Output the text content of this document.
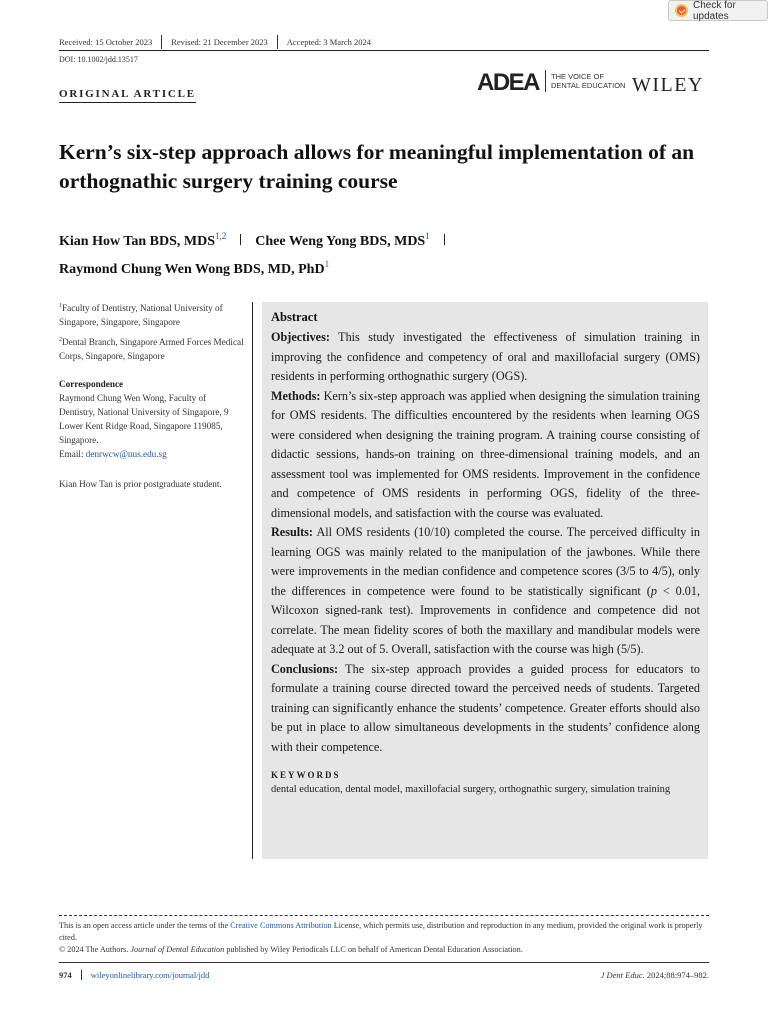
Check for updates
Received: 15 October 2023	Revised: 21 December 2023	Accepted: 3 March 2024
DOI: 10.1002/jdd.13517
ORIGINAL ARTICLE	ADEA THE VOICE OF
DENTAL EDUCATION WILEY
Kern’s six-step approach allows for meaningful implementation of an orthognathic surgery training course
Kian How Tan BDS, MDS$^{1,2}$ Chee Weng Yong BDS, MDS$^1$
Raymond Chung Wen Wong BDS, MD, PhD$^1$

$^1$Faculty of Dentistry, National University of Singapore, Singapore, Singapore

$^2$Dental Branch, Singapore Armed Forces Medical Corps, Singapore, Singapore

Correspondence

Raymond Chung Wen Wong, Faculty of Dentistry, National University of Singapore, 9 Lower Kent Ridge Road, Singapore 119085, Singapore.
Email: denrwcw@nus.edu.sg

Kian How Tan is prior postgraduate student.

Abstract
Objectives: This study investigated the effectiveness of simulation training in improving the confidence and competency of oral and maxillofacial surgery (OMS) residents in performing orthognathic surgery (OGS).
Methods: Kern’s six-step approach was applied when designing the simulation training for OMS residents. The difficulties encountered by the residents when learning OGS were considered when designing the training program. A training course consisting of didactic sessions, hands-on training on three-dimensional training models, and an assessment tool was implemented for OMS residents. Improvement in the confidence and competence of OMS residents in performing OGS, fidelity of the three-dimensional models, and satisfaction with the course was evaluated.
Results: All OMS residents (10/10) completed the course. The perceived difficulty in learning OGS was mainly related to the manipulation of the jawbones. While there were improvements in the median confidence and competence scores (3/5 to 4/5), only the differences in competence were found to be statistically significant (p < 0.01, Wilcoxon signed-rank test). Improvements in confidence and competence did not correlate. The mean fidelity scores of both the maxillary and mandibular models were adequate at 3.2 out of 5. Overall, satisfaction with the course was high (5/5).
Conclusions: The six-step approach provides a guided process for educators to formulate a training course directed toward the perceived needs of students. Targeted training can significantly enhance the students’ competence. Greater efforts should also be put in place to allow simultaneous developments in the students’ confidence along with their competence.
KEYWORDS
dental education, dental model, maxillofacial surgery, orthognathic surgery, simulation training
This is an open access article under the terms of the Creative Commons Attribution License, which permits use, distribution and reproduction in any medium, provided the original work is properly cited.
© 2024 The Authors. Journal of Dental Education published by Wiley Periodicals LLC on behalf of American Dental Education Association.
974	wileyonlinelibrary.com/journal/jdd	J Dent Educ. 2024;88:974–982.
